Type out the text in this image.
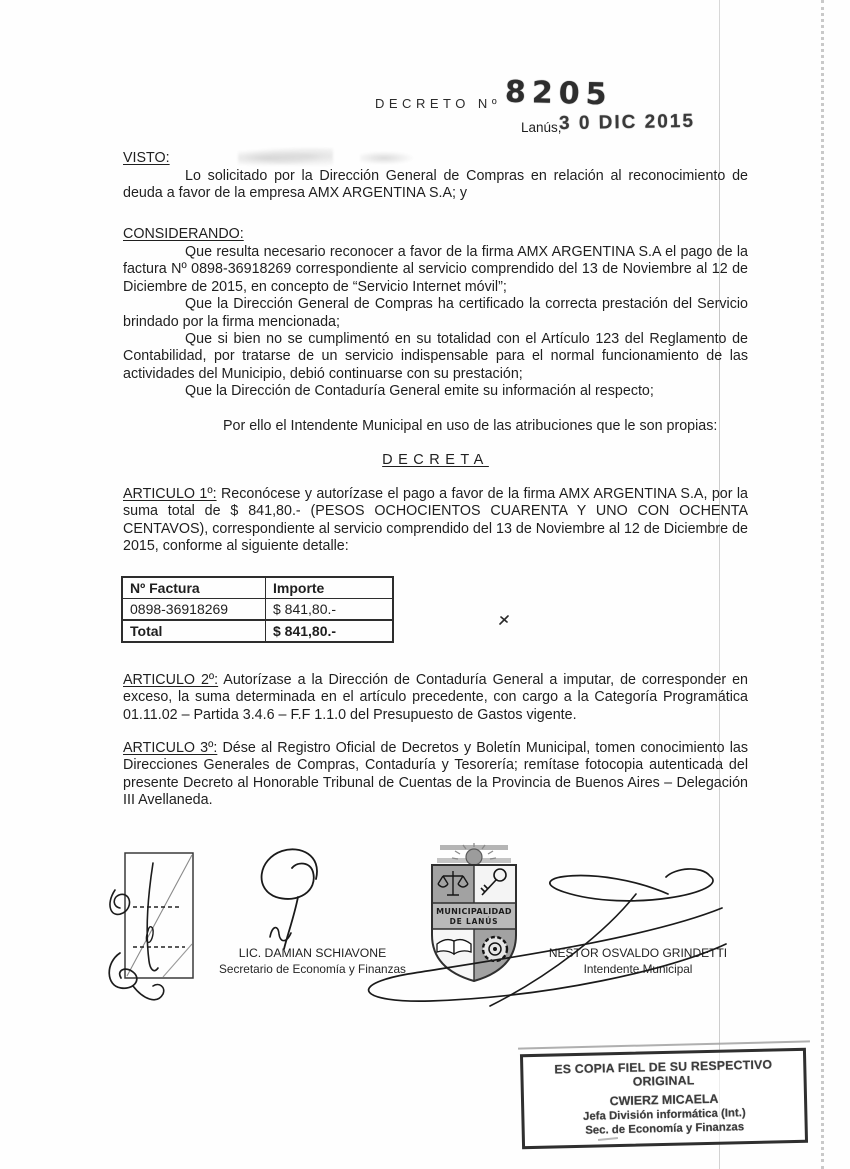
DECRETO Nº 8205
Lanús,
3 0 DIC 2015
VISTO:

Lo solicitado por la Dirección General de Compras en relación al reconocimiento de deuda a favor de la empresa AMX ARGENTINA S.A; y

CONSIDERANDO:

Que resulta necesario reconocer a favor de la firma AMX ARGENTINA S.A el pago de la factura Nº 0898-36918269 correspondiente al servicio comprendido del 13 de Noviembre al 12 de Diciembre de 2015, en concepto de “Servicio Internet móvil”;

Que la Dirección General de Compras ha certificado la correcta prestación del Servicio brindado por la firma mencionada;

Que si bien no se cumplimentó en su totalidad con el Artículo 123 del Reglamento de Contabilidad, por tratarse de un servicio indispensable para el normal funcionamiento de las actividades del Municipio, debió continuarse con su prestación;

Que la Dirección de Contaduría General emite su información al respecto;

Por ello el Intendente Municipal en uso de las atribuciones que le son propias:

DECRETA

ARTICULO 1º: Reconócese y autorízase el pago a favor de la firma AMX ARGENTINA S.A, por la suma total de $ 841,80.- (PESOS OCHOCIENTOS CUARENTA Y UNO CON OCHENTA CENTAVOS), correspondiente al servicio comprendido del 13 de Noviembre al 12 de Diciembre de 2015, conforme al siguiente detalle:

Nº Factura	Importe
0898-36918269	$ 841,80.-
Total	$ 841,80.-

ARTICULO 2º: Autorízase a la Dirección de Contaduría General a imputar, de corresponder en exceso, la suma determinada en el artículo precedente, con cargo a la Categoría Programática 01.11.02 – Partida 3.4.6 – F.F 1.1.0 del Presupuesto de Gastos vigente.

ARTICULO 3º: Dése al Registro Oficial de Decretos y Boletín Municipal, tomen conocimiento las Direcciones Generales de Compras, Contaduría y Tesorería; remítase fotocopia autenticada del presente Decreto al Honorable Tribunal de Cuentas de la Provincia de Buenos Aires – Delegación III Avellaneda.

LIC. DAMIAN SCHIAVONE
Secretario de Economía y Finanzas
MUNICIPALIDAD
DE LANÚS
NESTOR OSVALDO GRINDETTI
Intendente Municipal
ES COPIA FIEL DE SU RESPECTIVO ORIGINAL
CWIERZ MICAELA
Jefa División informática (Int.)
Sec. de Economía y Finanzas
